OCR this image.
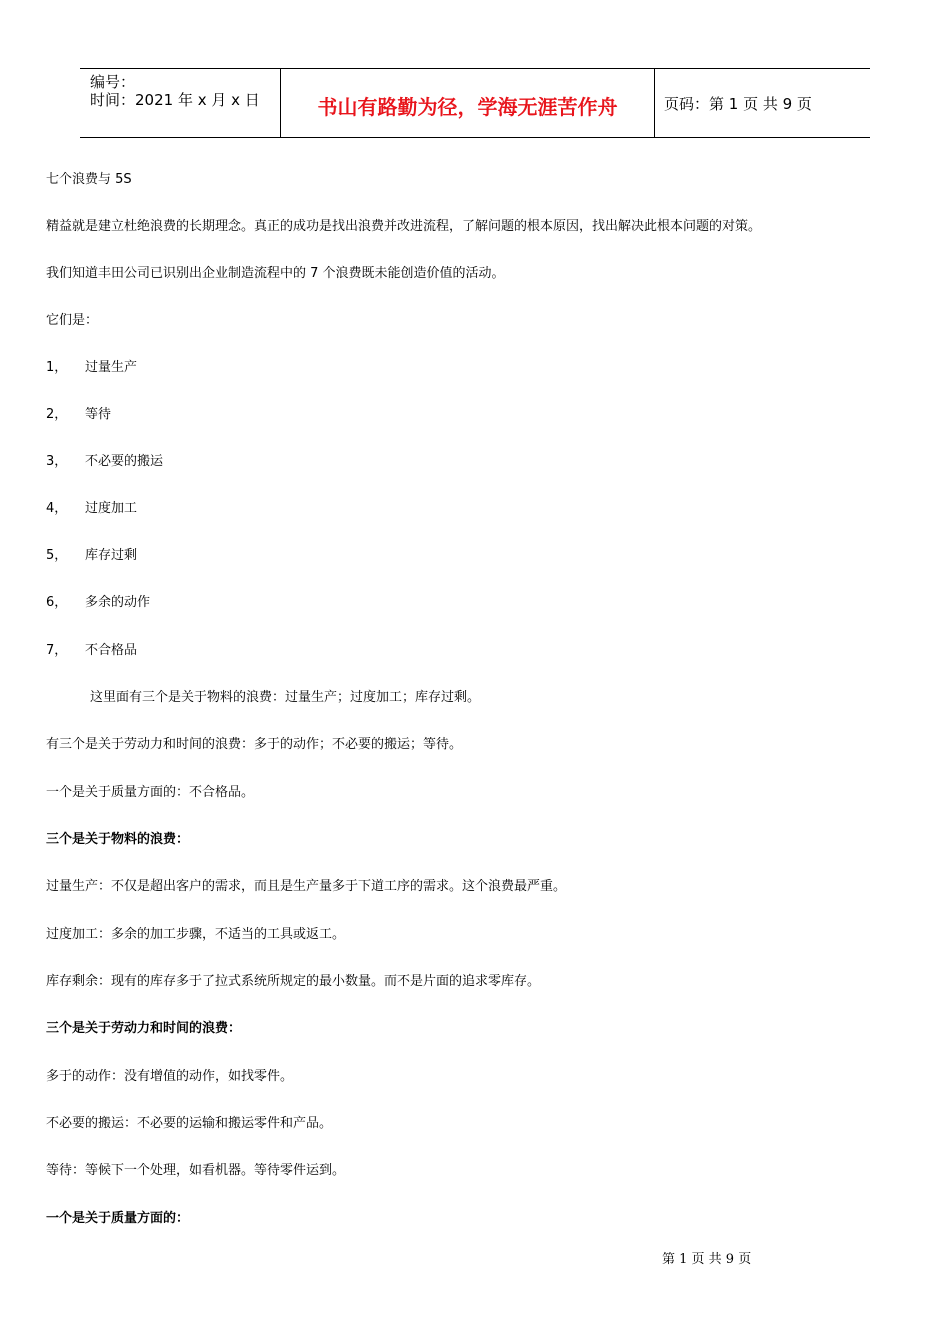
编号：
时间：2021 年 x 月 x 日	书山有路勤为径，学海无涯苦作舟	页码：第 1 页 共 9 页
七个浪费与 5S
精益就是建立杜绝浪费的长期理念。真正的成功是找出浪费并改进流程，了解问题的根本原因，找出解决此根本问题的对策。
我们知道丰田公司已识别出企业制造流程中的 7 个浪费既未能创造价值的活动。
它们是：
1， 过量生产
2， 等待
3， 不必要的搬运
4， 过度加工
5， 库存过剩
6， 多余的动作
7， 不合格品
这里面有三个是关于物料的浪费：过量生产；过度加工；库存过剩。
有三个是关于劳动力和时间的浪费：多于的动作；不必要的搬运；等待。
一个是关于质量方面的：不合格品。
三个是关于物料的浪费：
过量生产：不仅是超出客户的需求，而且是生产量多于下道工序的需求。这个浪费最严重。
过度加工：多余的加工步骤，不适当的工具或返工。
库存剩余：现有的库存多于了拉式系统所规定的最小数量。而不是片面的追求零库存。
三个是关于劳动力和时间的浪费：
多于的动作：没有增值的动作，如找零件。
不必要的搬运：不必要的运输和搬运零件和产品。
等待：等候下一个处理，如看机器。等待零件运到。
一个是关于质量方面的：
第 1 页 共 9 页
